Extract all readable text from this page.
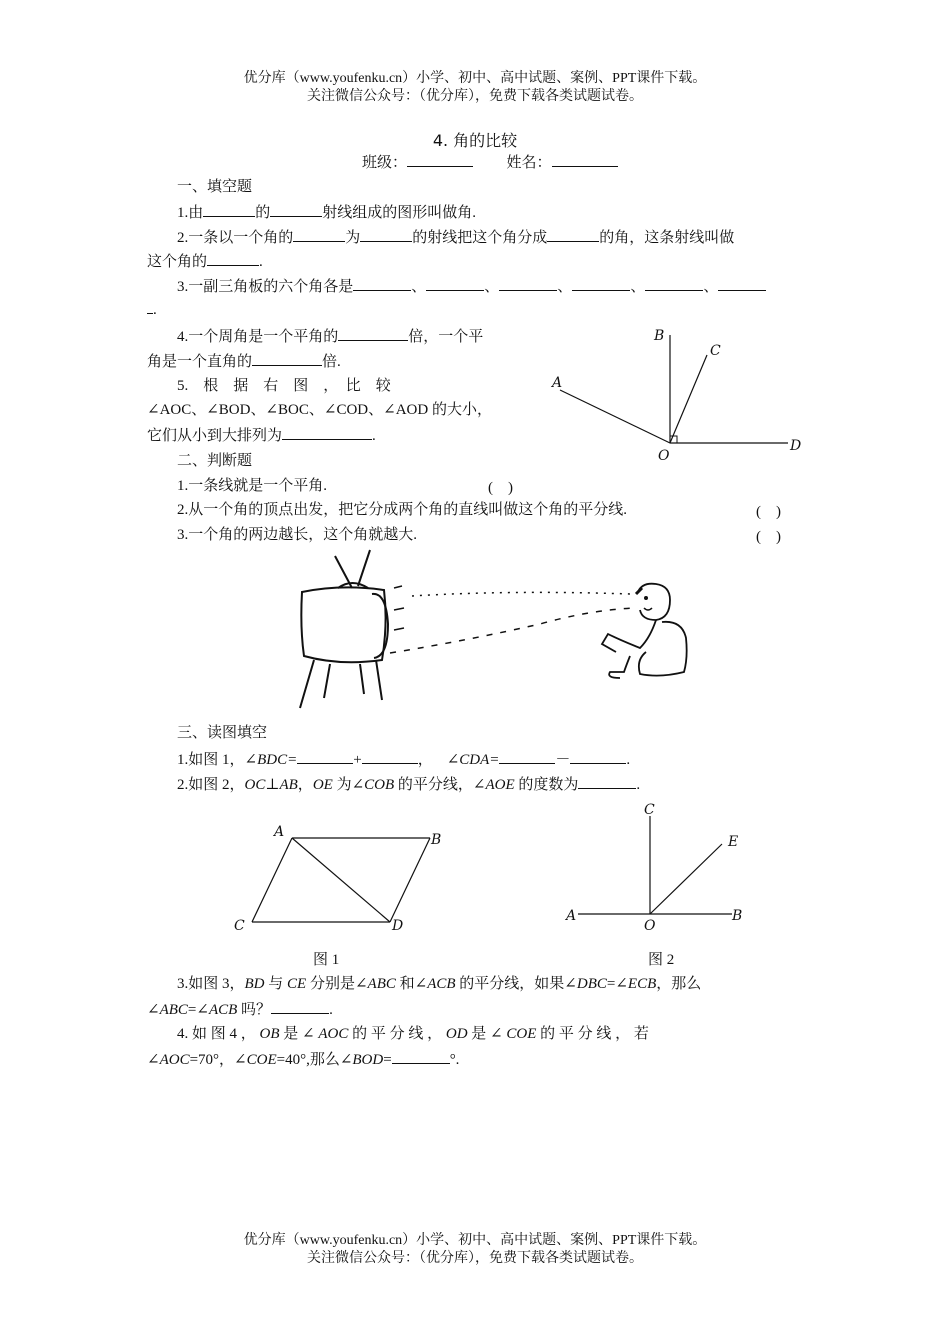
优分库（www.youfenku.cn）小学、初中、高中试题、案例、PPT课件下载。
关注微信公众号：（优分库），免费下载各类试题试卷。
4. 角的比较
班级：	姓名：
一、填空题
1.由	的	射线组成的图形叫做角.
2.一条以一个角的	为	的射线把这个角分成	的角，这条射线叫做
这个角的	.
3.一副三角板的六个角各是	、	、	、	、	、
.
4.一个周角是一个平角的	倍，一个平
角是一个直角的	倍.
5.　根　据　右　图　，　比　较
∠AOC、∠BOD、∠BOC、∠COD、∠AOD 的大小，
它们从小到大排列为	.
A
B
C
D
O
二、判断题
1.一条线就是一个平角.	(　)
2.从一个角的顶点出发，把它分成两个角的直线叫做这个角的平分线.	(　)
3.一个角的两边越长，这个角就越大.	(　)
三、读图填空
1.如图 1，∠BDC=	+	， ∠CDA=	－	.
2.如图 2，OC⊥AB，OE 为∠COB 的平分线，∠AOE 的度数为	.
A	B
C	D
图 1
C
E
A	B
O
图 2
3.如图 3，BD 与 CE 分别是∠ABC 和∠ACB 的平分线，如果∠DBC=∠ECB，那么
∠ABC=∠ACB 吗？	.
4. 如 图 4 ， OB 是 ∠ AOC 的 平 分 线 ， OD 是 ∠ COE 的 平 分 线 ， 若
∠AOC=70°，∠COE=40°,那么∠BOD=	°.
优分库（www.youfenku.cn）小学、初中、高中试题、案例、PPT课件下载。
关注微信公众号：（优分库），免费下载各类试题试卷。
